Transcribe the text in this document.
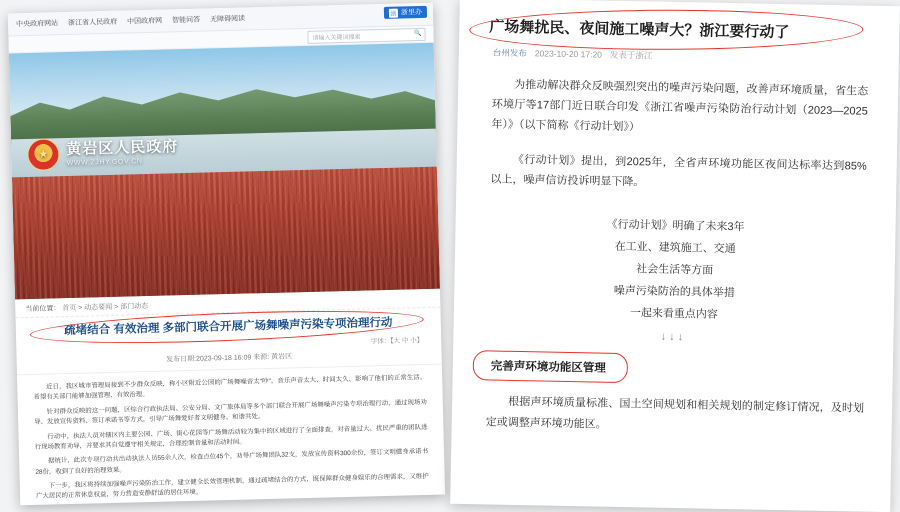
中央政府网站 浙江省人民政府 中国政府网 智能问答 无障碍阅读
浙 浙里办
请输入关键词搜索
🔍
★
黄岩区人民政府
WWW.ZJHY.GOV.CN
当前位置： 首页 > 动态要闻 > 部门动态
疏堵结合 有效治理 多部门联合开展广场舞噪声污染专项治理行动
字体：【大 中 小】
发布日期:2023-09-18 16:09 来源: 黄岩区

近日，我区城市管理局接到不少群众反映，称小区附近公园的广场舞噪音太"吵"，音乐声音太大、时间太久、影响了他们的正常生活。希望有关部门能够加强管理、有效治理。

针对群众反映的这一问题，区综合行政执法局、公安分局、文广旅体局等多个部门联合开展广场舞噪声污染专项治理行动，通过现场劝导、发放宣传资料、签订承诺书等方式，引导广场舞爱好者文明健身、和谐共处。

行动中，执法人员对辖区内主要公园、广场、街心花园等广场舞活动较为集中的区域进行了全面排查，对音量过大、扰民严重的团队进行现场教育劝导，并要求其自觉遵守相关规定，合理控制音量和活动时间。

据统计，此次专项行动共出动执法人员55余人次，检查点位45个，劝导广场舞团队32支，发放宣传资料300余份，签订文明健身承诺书28份，收到了良好的治理效果。

下一步，我区将持续加强噪声污染防治工作，建立健全长效管理机制，通过疏堵结合的方式，既保障群众健身娱乐的合理需求，又维护广大居民的正常休息权益，努力营造安静舒适的居住环境。

广场舞扰民、夜间施工噪声大？浙江要行动了
台州发布 2023-10-20 17:20 发表于浙江

为推动解决群众反映强烈突出的噪声污染问题，改善声环境质量，省生态环境厅等17部门近日联合印发《浙江省噪声污染防治行动计划（2023—2025年）》（以下简称《行动计划》）

《行动计划》提出，到2025年，全省声环境功能区夜间达标率达到85%以上，噪声信访投诉明显下降。

《行动计划》明确了未来3年
在工业、建筑施工、交通
社会生活等方面
噪声污染防治的具体举措
一起来看重点内容
↓↓↓
完善声环境功能区管理

根据声环境质量标准、国土空间规划和相关规划的制定修订情况，及时划定或调整声环境功能区。
